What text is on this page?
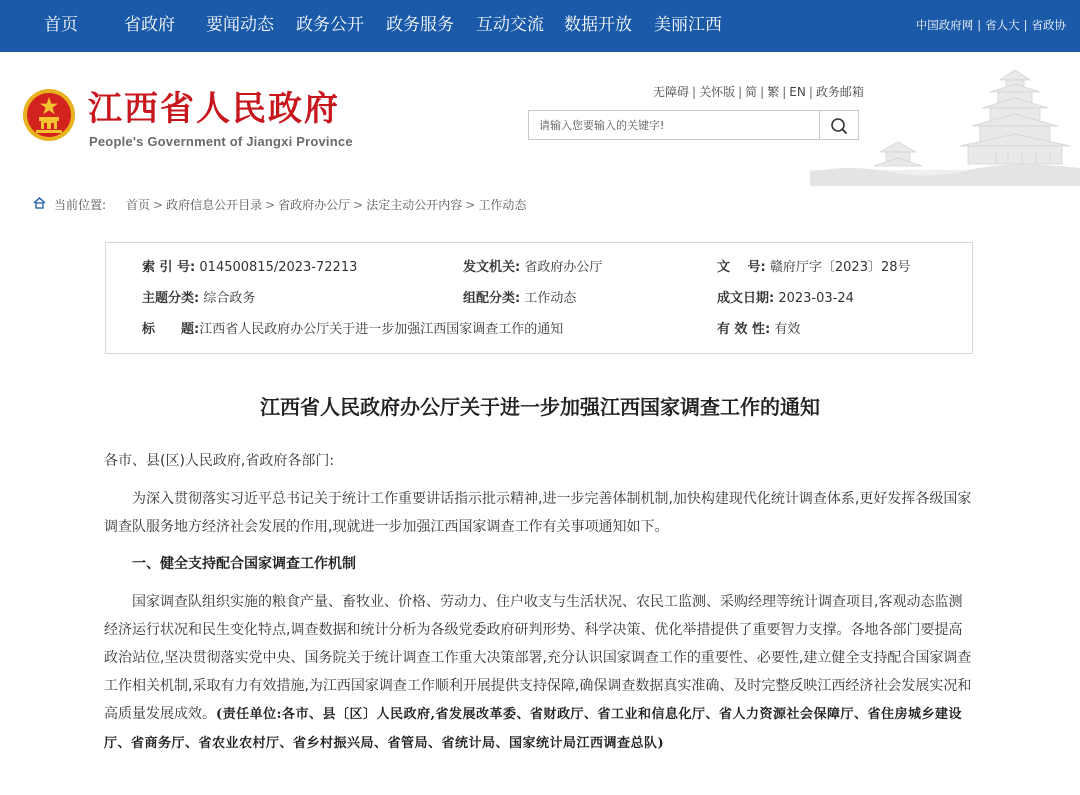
首页	省政府 要闻动态 政务公开 政务服务 互动交流 数据开放 美丽江西	中国政府网 | 省人大 | 省政协
江西省人民政府
People's Government of Jiangxi Province
无障碍 | 关怀版 | 简 | 繁 | EN | 政务邮箱
请输入您要输入的关键字!
当前位置: 首页 > 政府信息公开目录 > 省政府办公厅 > 法定主动公开内容 > 工作动态
索 引 号: 014500815/2023-72213	发文机关: 省政府办公厅	文　 号: 赣府厅字〔2023〕28号
主题分类: 综合政务	组配分类: 工作动态	成文日期: 2023-03-24
标　　题:江西省人民政府办公厅关于进一步加强江西国家调查工作的通知	有 效 性: 有效
江西省人民政府办公厅关于进一步加强江西国家调查工作的通知

各市、县(区)人民政府,省政府各部门:

为深入贯彻落实习近平总书记关于统计工作重要讲话指示批示精神,进一步完善体制机制,加快构建现代化统计调查体系,更好发挥各级国家调查队服务地方经济社会发展的作用,现就进一步加强江西国家调查工作有关事项通知如下。

一、健全支持配合国家调查工作机制

国家调查队组织实施的粮食产量、畜牧业、价格、劳动力、住户收支与生活状况、农民工监测、采购经理等统计调查项目,客观动态监测经济运行状况和民生变化特点,调查数据和统计分析为各级党委政府研判形势、科学决策、优化举措提供了重要智力支撑。各地各部门要提高政治站位,坚决贯彻落实党中央、国务院关于统计调查工作重大决策部署,充分认识国家调查工作的重要性、必要性,建立健全支持配合国家调查工作相关机制,采取有力有效措施,为江西国家调查工作顺利开展提供支持保障,确保调查数据真实准确、及时完整反映江西经济社会发展实况和高质量发展成效。(责任单位:各市、县〔区〕人民政府,省发展改革委、省财政厅、省工业和信息化厅、省人力资源社会保障厅、省住房城乡建设厅、省商务厅、省农业农村厅、省乡村振兴局、省管局、省统计局、国家统计局江西调查总队)
